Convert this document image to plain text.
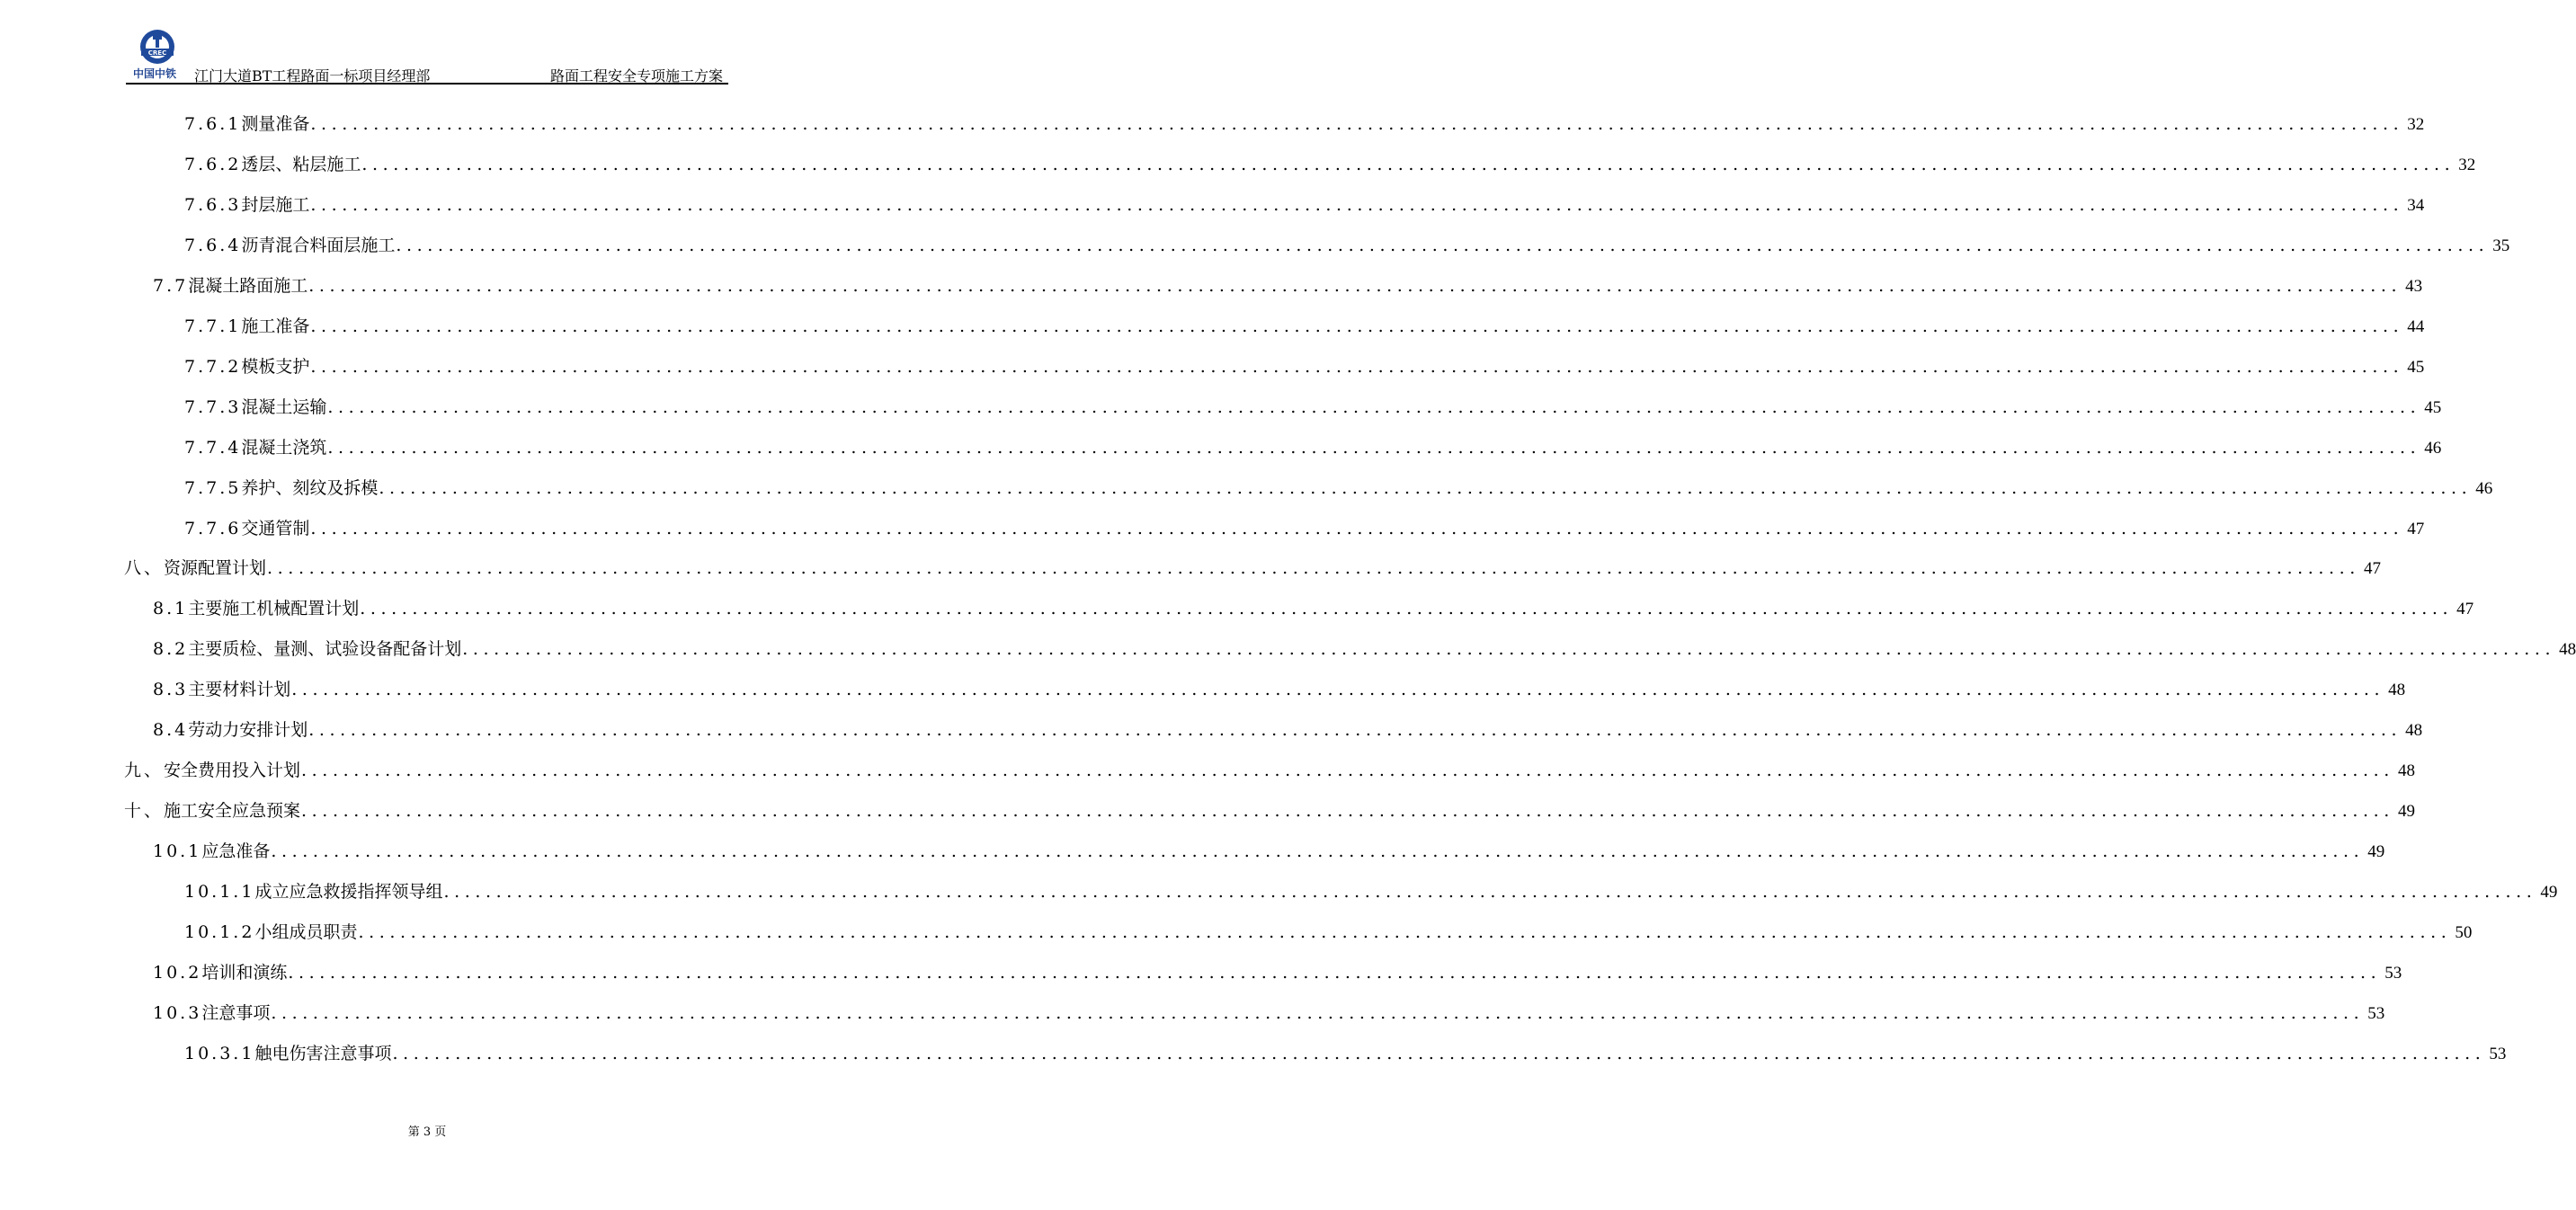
CREC
中国中铁 江门大道BT工程路面一标项目经理部	路面工程安全专项施工方案
7.6.1 测量准备 ........................................................................................................................................................................................................ 32
7.6.2 透层、粘层施工 ........................................................................................................................................................................................................ 32
7.6.3 封层施工 ........................................................................................................................................................................................................ 34
7.6.4 沥青混合料面层施工 ........................................................................................................................................................................................................ 35
7.7 混凝土路面施工 ........................................................................................................................................................................................................ 43
7.7.1 施工准备 ........................................................................................................................................................................................................ 44
7.7.2 模板支护 ........................................................................................................................................................................................................ 45
7.7.3 混凝土运输 ........................................................................................................................................................................................................ 45
7.7.4 混凝土浇筑 ........................................................................................................................................................................................................ 46
7.7.5 养护、刻纹及拆模 ........................................................................................................................................................................................................ 46
7.7.6 交通管制 ........................................................................................................................................................................................................ 47
八、 资源配置计划 ........................................................................................................................................................................................................ 47
8.1 主要施工机械配置计划 ........................................................................................................................................................................................................ 47
8.2 主要质检、量测、试验设备配备计划 ........................................................................................................................................................................................................ 48
8.3 主要材料计划 ........................................................................................................................................................................................................ 48
8.4 劳动力安排计划 ........................................................................................................................................................................................................ 48
九、 安全费用投入计划 ........................................................................................................................................................................................................ 48
十、 施工安全应急预案 ........................................................................................................................................................................................................ 49
10.1 应急准备 ........................................................................................................................................................................................................ 49
10.1.1 成立应急救援指挥领导组 ........................................................................................................................................................................................................ 49
10.1.2 小组成员职责 ........................................................................................................................................................................................................ 50
10.2 培训和演练 ........................................................................................................................................................................................................ 53
10.3 注意事项 ........................................................................................................................................................................................................ 53
10.3.1 触电伤害注意事项 ........................................................................................................................................................................................................ 53
第 3 页
